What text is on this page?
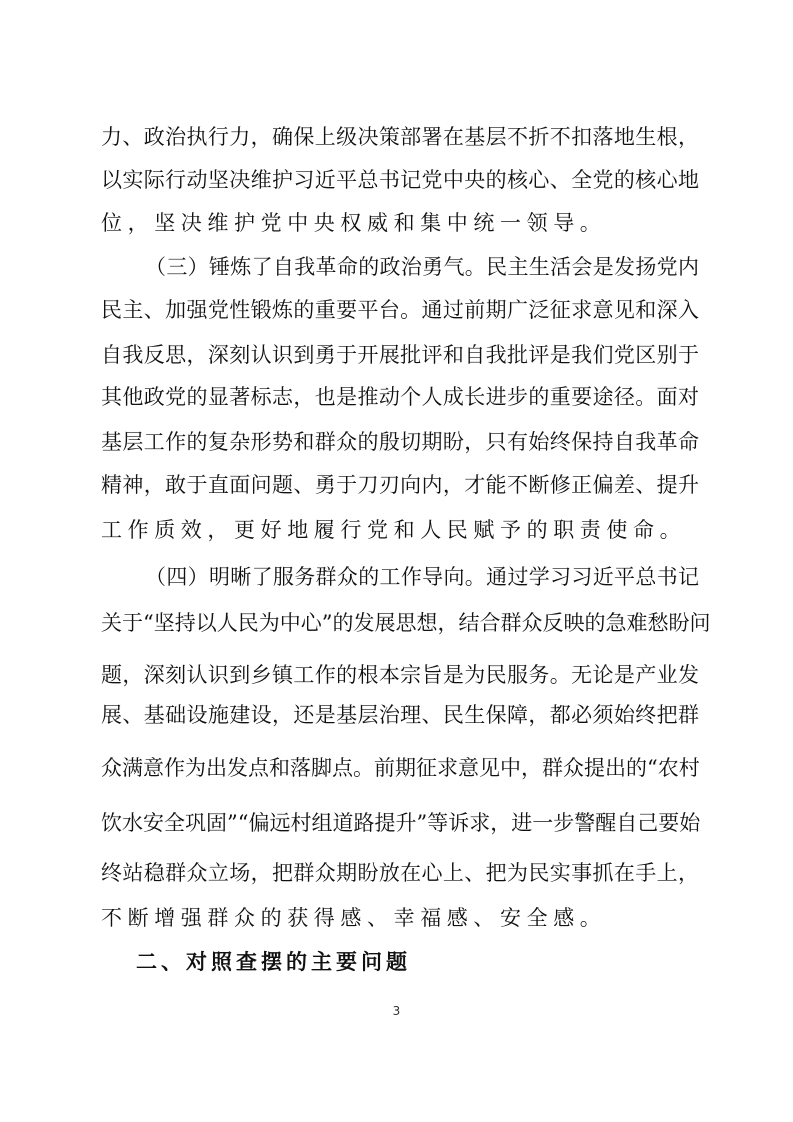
力、政治执行力，确保上级决策部署在基层不折不扣落地生根，
以实际行动坚决维护习近平总书记党中央的核心、全党的核心地
位，坚决维护党中央权威和集中统一领导。
（三）锤炼了自我革命的政治勇气。民主生活会是发扬党内
民主、加强党性锻炼的重要平台。通过前期广泛征求意见和深入
自我反思，深刻认识到勇于开展批评和自我批评是我们党区别于
其他政党的显著标志，也是推动个人成长进步的重要途径。面对
基层工作的复杂形势和群众的殷切期盼，只有始终保持自我革命
精神，敢于直面问题、勇于刀刃向内，才能不断修正偏差、提升
工作质效，更好地履行党和人民赋予的职责使命。
（四）明晰了服务群众的工作导向。通过学习习近平总书记
关于“坚持以人民为中心”的发展思想，结合群众反映的急难愁盼问
题，深刻认识到乡镇工作的根本宗旨是为民服务。无论是产业发
展、基础设施建设，还是基层治理、民生保障，都必须始终把群
众满意作为出发点和落脚点。前期征求意见中，群众提出的“农村
饮水安全巩固”“偏远村组道路提升”等诉求，进一步警醒自己要始
终站稳群众立场，把群众期盼放在心上、把为民实事抓在手上，
不断增强群众的获得感、幸福感、安全感。
二、对照查摆的主要问题
3
